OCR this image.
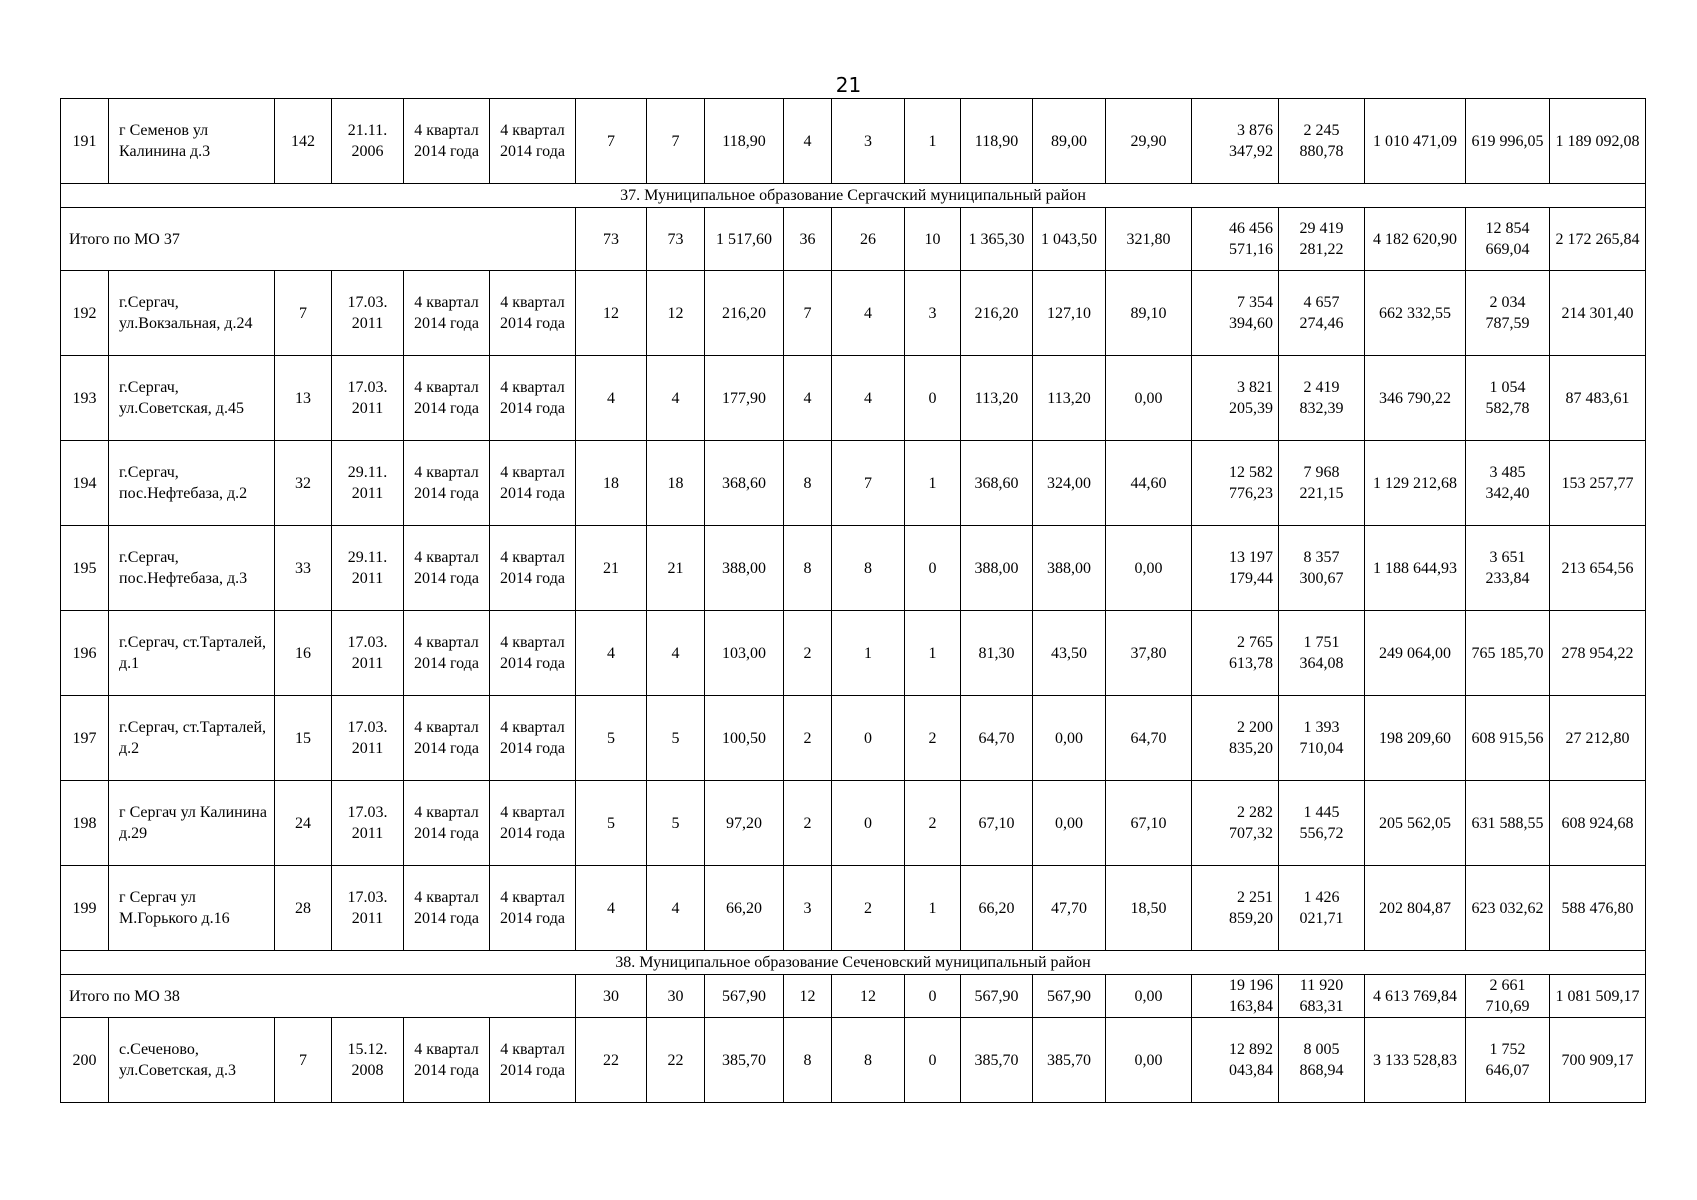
21
191	г Семенов ул Калинина д.3	142	21.11. 2006	4 квартал 2014 года	4 квартал 2014 года	7	7	118,90	4	3	1	118,90	89,00	29,90	3 876 347,92	2 245 880,78	1 010 471,09	619 996,05	1 189 092,08
37. Муниципальное образование Сергачский муниципальный район																			
Итого по МО 37						73	73	1 517,60	36	26	10	1 365,30	1 043,50	321,80	46 456 571,16	29 419 281,22	4 182 620,90	12 854 669,04	2 172 265,84
192	г.Сергач, ул.Вокзальная, д.24	7	17.03. 2011	4 квартал 2014 года	4 квартал 2014 года	12	12	216,20	7	4	3	216,20	127,10	89,10	7 354 394,60	4 657 274,46	662 332,55	2 034 787,59	214 301,40
193	г.Сергач, ул.Советская, д.45	13	17.03. 2011	4 квартал 2014 года	4 квартал 2014 года	4	4	177,90	4	4	0	113,20	113,20	0,00	3 821 205,39	2 419 832,39	346 790,22	1 054 582,78	87 483,61
194	г.Сергач, пос.Нефтебаза, д.2	32	29.11. 2011	4 квартал 2014 года	4 квартал 2014 года	18	18	368,60	8	7	1	368,60	324,00	44,60	12 582 776,23	7 968 221,15	1 129 212,68	3 485 342,40	153 257,77
195	г.Сергач, пос.Нефтебаза, д.3	33	29.11. 2011	4 квартал 2014 года	4 квартал 2014 года	21	21	388,00	8	8	0	388,00	388,00	0,00	13 197 179,44	8 357 300,67	1 188 644,93	3 651 233,84	213 654,56
196	г.Сергач, ст.Тарталей, д.1	16	17.03. 2011	4 квартал 2014 года	4 квартал 2014 года	4	4	103,00	2	1	1	81,30	43,50	37,80	2 765 613,78	1 751 364,08	249 064,00	765 185,70	278 954,22
197	г.Сергач, ст.Тарталей, д.2	15	17.03. 2011	4 квартал 2014 года	4 квартал 2014 года	5	5	100,50	2	0	2	64,70	0,00	64,70	2 200 835,20	1 393 710,04	198 209,60	608 915,56	27 212,80
198	г Сергач ул Калинина д.29	24	17.03. 2011	4 квартал 2014 года	4 квартал 2014 года	5	5	97,20	2	0	2	67,10	0,00	67,10	2 282 707,32	1 445 556,72	205 562,05	631 588,55	608 924,68
199	г Сергач ул М.Горького д.16	28	17.03. 2011	4 квартал 2014 года	4 квартал 2014 года	4	4	66,20	3	2	1	66,20	47,70	18,50	2 251 859,20	1 426 021,71	202 804,87	623 032,62	588 476,80
38. Муниципальное образование Сеченовский муниципальный район																			
Итого по МО 38						30	30	567,90	12	12	0	567,90	567,90	0,00	19 196 163,84	11 920 683,31	4 613 769,84	2 661 710,69	1 081 509,17
200	с.Сеченово, ул.Советская, д.3	7	15.12. 2008	4 квартал 2014 года	4 квартал 2014 года	22	22	385,70	8	8	0	385,70	385,70	0,00	12 892 043,84	8 005 868,94	3 133 528,83	1 752 646,07	700 909,17
